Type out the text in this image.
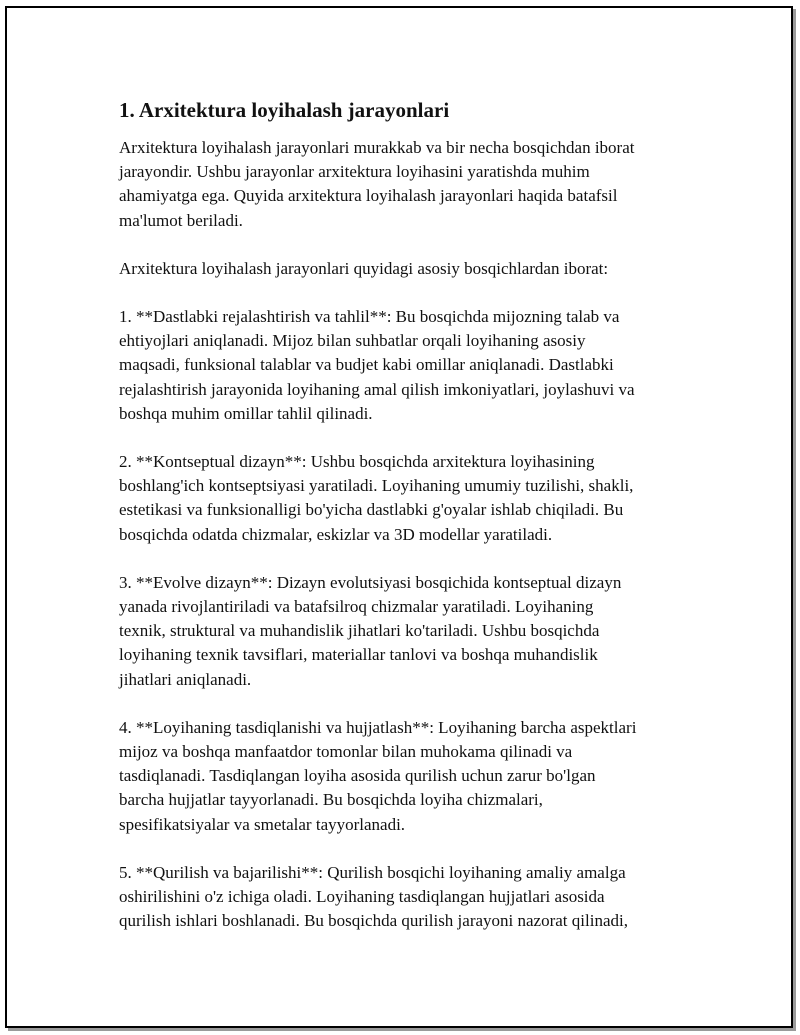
1. Arxitektura loyihalash jarayonlari

Arxitektura loyihalash jarayonlari murakkab va bir necha bosqichdan iborat
jarayondir. Ushbu jarayonlar arxitektura loyihasini yaratishda muhim
ahamiyatga ega. Quyida arxitektura loyihalash jarayonlari haqida batafsil
ma'lumot beriladi.

Arxitektura loyihalash jarayonlari quyidagi asosiy bosqichlardan iborat:

1. **Dastlabki rejalashtirish va tahlil**: Bu bosqichda mijozning talab va
ehtiyojlari aniqlanadi. Mijoz bilan suhbatlar orqali loyihaning asosiy
maqsadi, funksional talablar va budjet kabi omillar aniqlanadi. Dastlabki
rejalashtirish jarayonida loyihaning amal qilish imkoniyatlari, joylashuvi va
boshqa muhim omillar tahlil qilinadi.

2. **Kontseptual dizayn**: Ushbu bosqichda arxitektura loyihasining
boshlang'ich kontseptsiyasi yaratiladi. Loyihaning umumiy tuzilishi, shakli,
estetikasi va funksionalligi bo'yicha dastlabki g'oyalar ishlab chiqiladi. Bu
bosqichda odatda chizmalar, eskizlar va 3D modellar yaratiladi.

3. **Evolve dizayn**: Dizayn evolutsiyasi bosqichida kontseptual dizayn
yanada rivojlantiriladi va batafsilroq chizmalar yaratiladi. Loyihaning
texnik, struktural va muhandislik jihatlari ko'tariladi. Ushbu bosqichda
loyihaning texnik tavsiflari, materiallar tanlovi va boshqa muhandislik
jihatlari aniqlanadi.

4. **Loyihaning tasdiqlanishi va hujjatlash**: Loyihaning barcha aspektlari
mijoz va boshqa manfaatdor tomonlar bilan muhokama qilinadi va
tasdiqlanadi. Tasdiqlangan loyiha asosida qurilish uchun zarur bo'lgan
barcha hujjatlar tayyorlanadi. Bu bosqichda loyiha chizmalari,
spesifikatsiyalar va smetalar tayyorlanadi.

5. **Qurilish va bajarilishi**: Qurilish bosqichi loyihaning amaliy amalga
oshirilishini o'z ichiga oladi. Loyihaning tasdiqlangan hujjatlari asosida
qurilish ishlari boshlanadi. Bu bosqichda qurilish jarayoni nazorat qilinadi,
